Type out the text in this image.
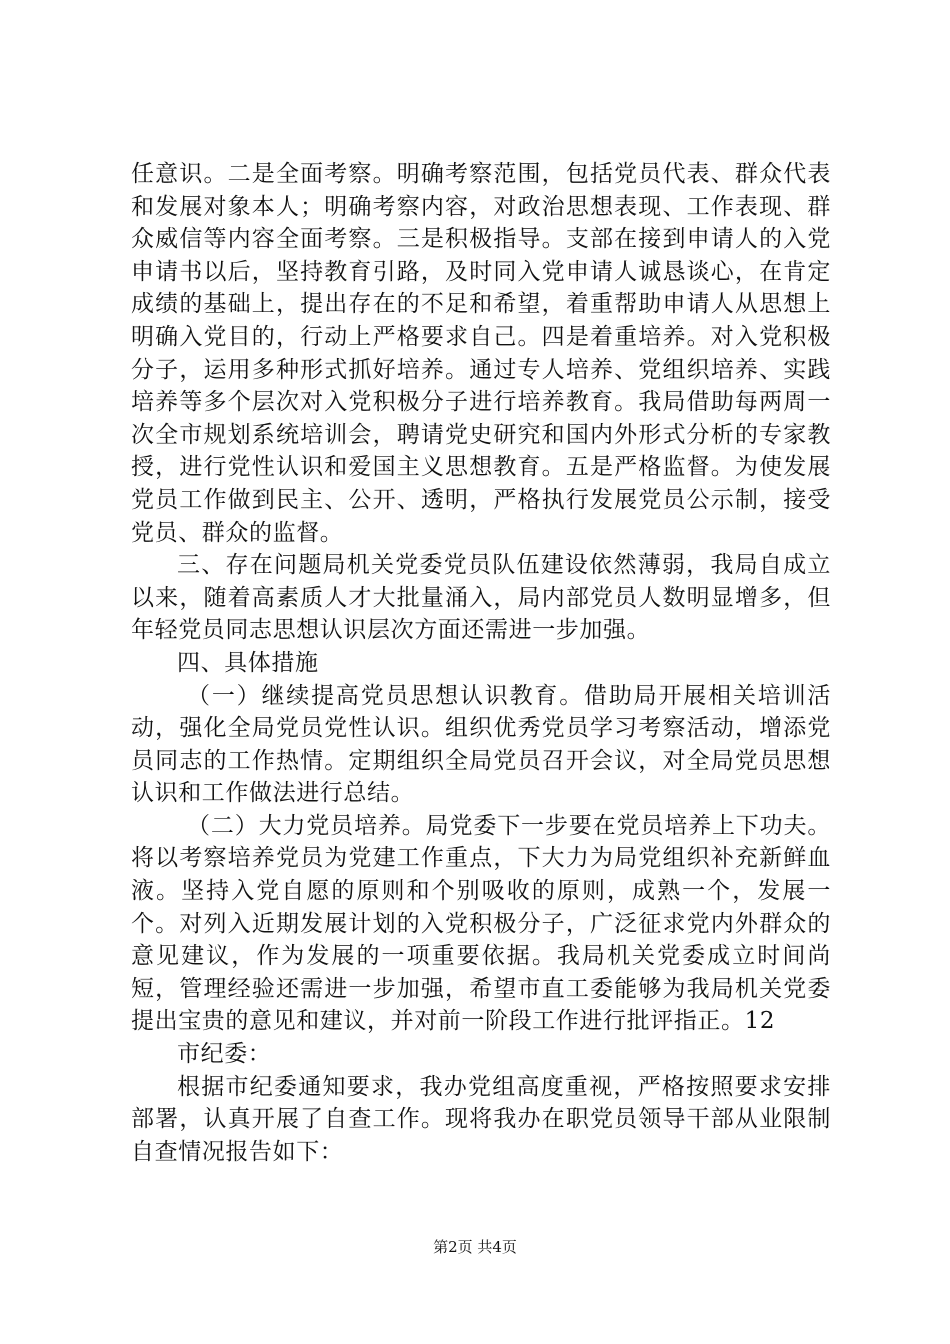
任意识。二是全面考察。明确考察范围，包括党员代表、群众代表和发展对象本人；明确考察内容，对政治思想表现、工作表现、群众威信等内容全面考察。三是积极指导。支部在接到申请人的入党申请书以后，坚持教育引路，及时同入党申请人诚恳谈心，在肯定成绩的基础上，提出存在的不足和希望，着重帮助申请人从思想上明确入党目的，行动上严格要求自己。四是着重培养。对入党积极分子，运用多种形式抓好培养。通过专人培养、党组织培养、实践培养等多个层次对入党积极分子进行培养教育。我局借助每两周一次全市规划系统培训会，聘请党史研究和国内外形式分析的专家教授，进行党性认识和爱国主义思想教育。五是严格监督。为使发展党员工作做到民主、公开、透明，严格执行发展党员公示制，接受党员、群众的监督。

三、存在问题局机关党委党员队伍建设依然薄弱，我局自成立以来，随着高素质人才大批量涌入，局内部党员人数明显增多，但年轻党员同志思想认识层次方面还需进一步加强。

四、具体措施

（一）继续提高党员思想认识教育。借助局开展相关培训活动，强化全局党员党性认识。组织优秀党员学习考察活动，增添党员同志的工作热情。定期组织全局党员召开会议，对全局党员思想认识和工作做法进行总结。

（二）大力党员培养。局党委下一步要在党员培养上下功夫。将以考察培养党员为党建工作重点，下大力为局党组织补充新鲜血液。坚持入党自愿的原则和个别吸收的原则，成熟一个，发展一个。对列入近期发展计划的入党积极分子，广泛征求党内外群众的意见建议，作为发展的一项重要依据。我局机关党委成立时间尚短，管理经验还需进一步加强，希望市直工委能够为我局机关党委提出宝贵的意见和建议，并对前一阶段工作进行批评指正。12

市纪委：

根据市纪委通知要求，我办党组高度重视，严格按照要求安排部署，认真开展了自查工作。现将我办在职党员领导干部从业限制自查情况报告如下：

第2页 共4页
